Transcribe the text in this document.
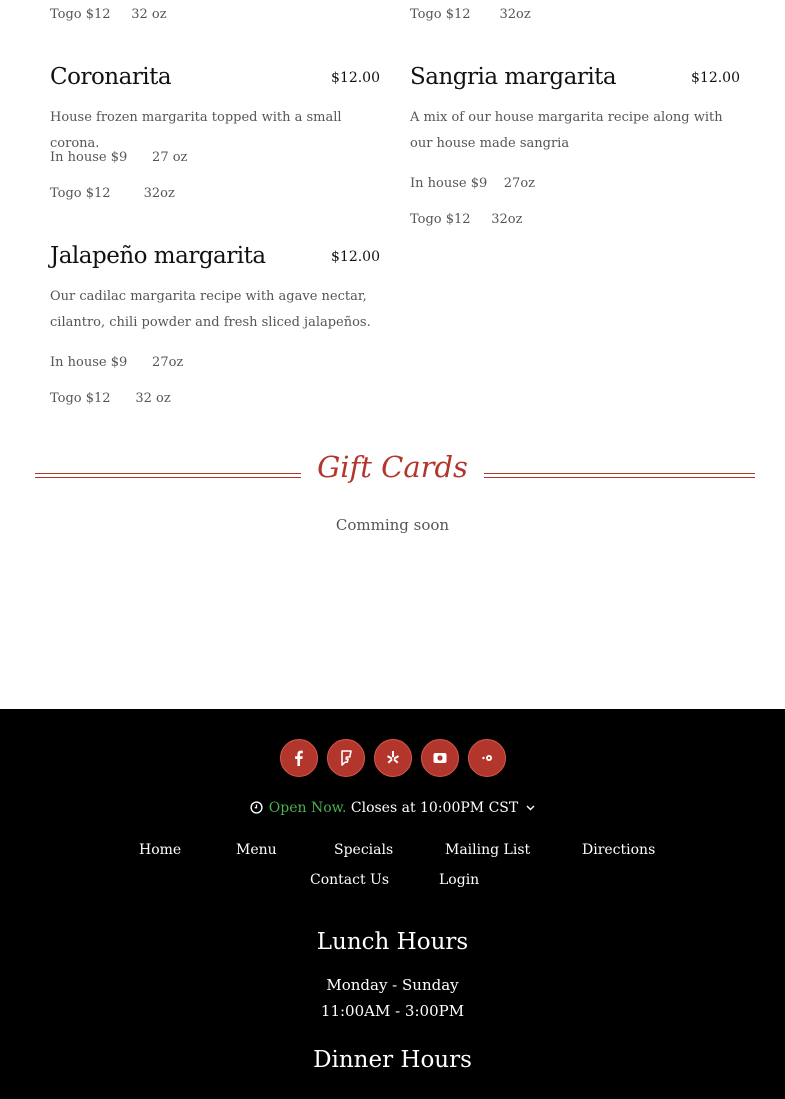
Togo $12     32 oz
Coronarita	$12.00
House frozen margarita topped with a small corona.
In house $9      27 oz
Togo $12        32oz
Jalapeño margarita	$12.00
Our cadilac margarita recipe with agave nectar, cilantro, chili powder and fresh sliced jalapeños.
In house $9      27oz
Togo $12      32 oz
Togo $12       32oz
Sangria margarita	$12.00
A mix of our house margarita recipe along with our house made sangria
In house $9    27oz
Togo $12     32oz
Gift Cards
Comming soon
Open Now. Closes at 10:00PM CST
Home	Menu	Specials	Mailing List	Directions
Contact Us	Login
Lunch Hours
Monday - Sunday
11:00AM - 3:00PM
Dinner Hours
